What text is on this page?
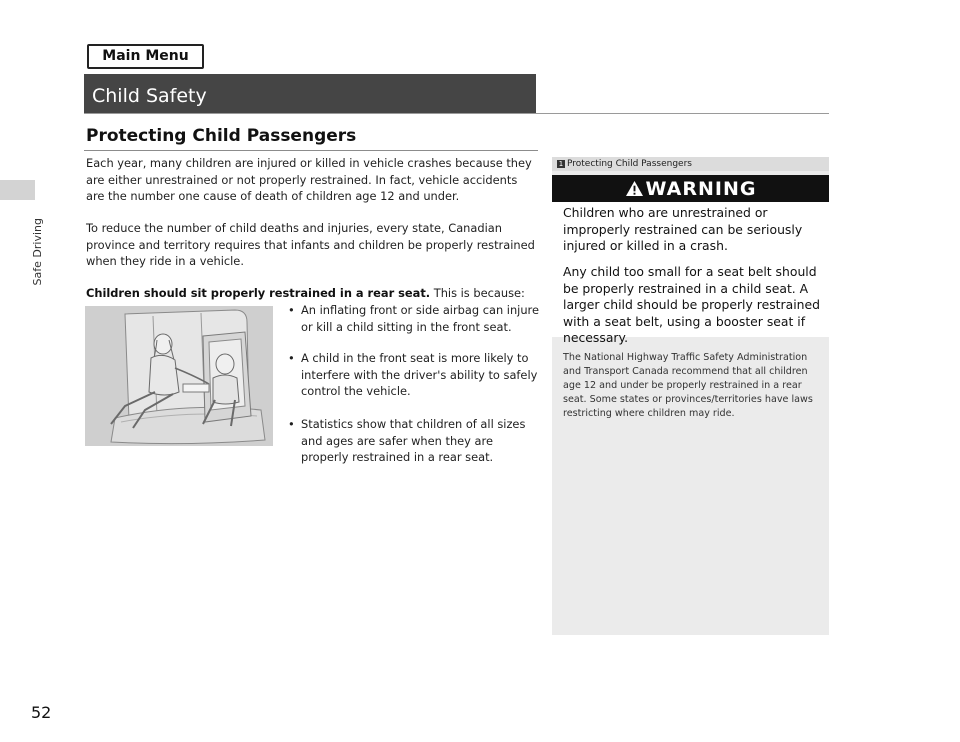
Main Menu
Safe Driving
52
Child Safety
Protecting Child Passengers
Each year, many children are injured or killed in vehicle crashes because they are either unrestrained or not properly restrained. In fact, vehicle accidents are the number one cause of death of children age 12 and under.
To reduce the number of child deaths and injuries, every state, Canadian province and territory requires that infants and children be properly restrained when they ride in a vehicle.
Children should sit properly restrained in a rear seat. This is because:
• An inflating front or side airbag can injure or kill a child sitting in the front seat.
• A child in the front seat is more likely to interfere with the driver's ability to safely control the vehicle.
• Statistics show that children of all sizes and ages are safer when they are properly restrained in a rear seat.
1 Protecting Child Passengers
WARNING
Children who are unrestrained or improperly restrained can be seriously injured or killed in a crash.
Any child too small for a seat belt should be properly restrained in a child seat. A larger child should be properly restrained with a seat belt, using a booster seat if necessary.
The National Highway Traffic Safety Administration and Transport Canada recommend that all children age 12 and under be properly restrained in a rear seat. Some states or provinces/territories have laws restricting where children may ride.
